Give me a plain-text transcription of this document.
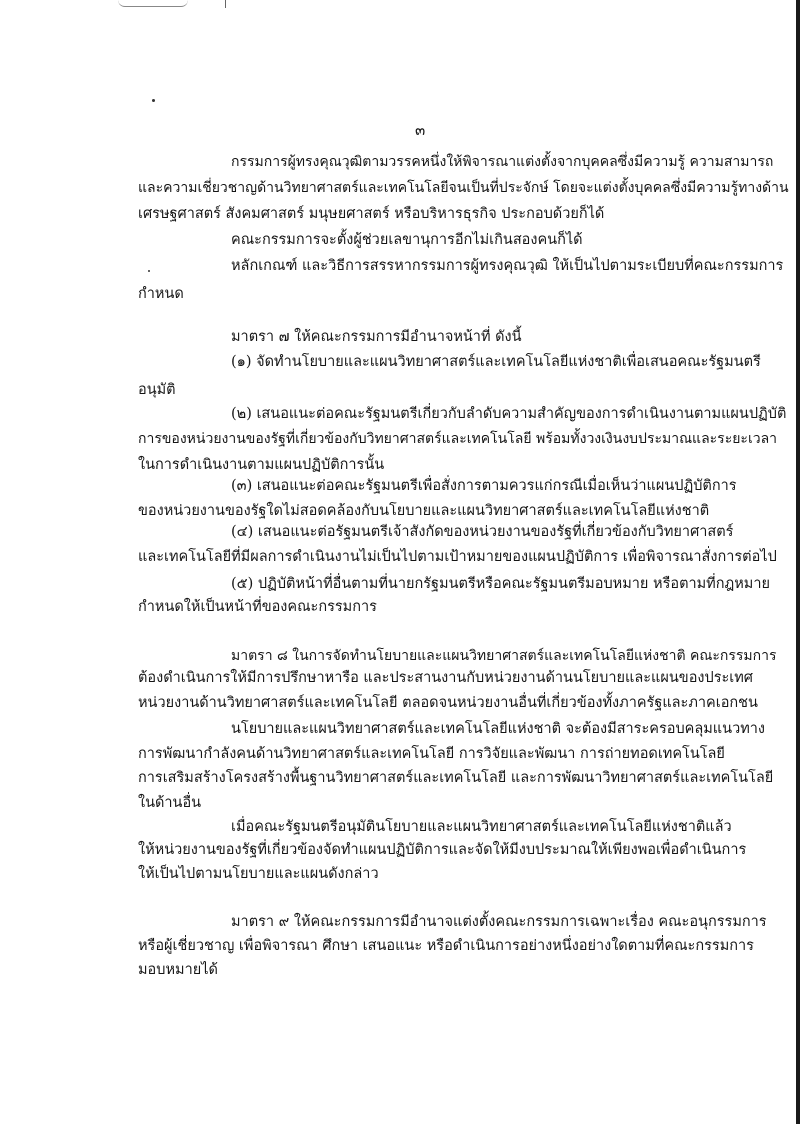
๓
กรรมการผู้ทรงคุณวุฒิตามวรรคหนึ่งให้พิจารณาแต่งตั้งจากบุคคลซึ่งมีความรู้ ความสามารถ
และความเชี่ยวชาญด้านวิทยาศาสตร์และเทคโนโลยีจนเป็นที่ประจักษ์ โดยจะแต่งตั้งบุคคลซึ่งมีความรู้ทางด้าน
เศรษฐศาสตร์ สังคมศาสตร์ มนุษยศาสตร์ หรือบริหารธุรกิจ ประกอบด้วยก็ได้
คณะกรรมการจะตั้งผู้ช่วยเลขานุการอีกไม่เกินสองคนก็ได้
หลักเกณฑ์ และวิธีการสรรหากรรมการผู้ทรงคุณวุฒิ ให้เป็นไปตามระเบียบที่คณะกรรมการ
กำหนด
มาตรา ๗ ให้คณะกรรมการมีอำนาจหน้าที่ ดังนี้
(๑) จัดทำนโยบายและแผนวิทยาศาสตร์และเทคโนโลยีแห่งชาติเพื่อเสนอคณะรัฐมนตรี
อนุมัติ
(๒) เสนอแนะต่อคณะรัฐมนตรีเกี่ยวกับลำดับความสำคัญของการดำเนินงานตามแผนปฏิบัติ
การของหน่วยงานของรัฐที่เกี่ยวข้องกับวิทยาศาสตร์และเทคโนโลยี พร้อมทั้งวงเงินงบประมาณและระยะเวลา
ในการดำเนินงานตามแผนปฏิบัติการนั้น
(๓) เสนอแนะต่อคณะรัฐมนตรีเพื่อสั่งการตามควรแก่กรณีเมื่อเห็นว่าแผนปฏิบัติการ
ของหน่วยงานของรัฐใดไม่สอดคล้องกับนโยบายและแผนวิทยาศาสตร์และเทคโนโลยีแห่งชาติ
(๔) เสนอแนะต่อรัฐมนตรีเจ้าสังกัดของหน่วยงานของรัฐที่เกี่ยวข้องกับวิทยาศาสตร์
และเทคโนโลยีที่มีผลการดำเนินงานไม่เป็นไปตามเป้าหมายของแผนปฏิบัติการ เพื่อพิจารณาสั่งการต่อไป
(๕) ปฏิบัติหน้าที่อื่นตามที่นายกรัฐมนตรีหรือคณะรัฐมนตรีมอบหมาย หรือตามที่กฎหมาย
กำหนดให้เป็นหน้าที่ของคณะกรรมการ
มาตรา ๘ ในการจัดทำนโยบายและแผนวิทยาศาสตร์และเทคโนโลยีแห่งชาติ คณะกรรมการ
ต้องดำเนินการให้มีการปรึกษาหารือ และประสานงานกับหน่วยงานด้านนโยบายและแผนของประเทศ
หน่วยงานด้านวิทยาศาสตร์และเทคโนโลยี ตลอดจนหน่วยงานอื่นที่เกี่ยวข้องทั้งภาครัฐและภาคเอกชน
นโยบายและแผนวิทยาศาสตร์และเทคโนโลยีแห่งชาติ จะต้องมีสาระครอบคลุมแนวทาง
การพัฒนากำลังคนด้านวิทยาศาสตร์และเทคโนโลยี การวิจัยและพัฒนา การถ่ายทอดเทคโนโลยี
การเสริมสร้างโครงสร้างพื้นฐานวิทยาศาสตร์และเทคโนโลยี และการพัฒนาวิทยาศาสตร์และเทคโนโลยี
ในด้านอื่น
เมื่อคณะรัฐมนตรีอนุมัตินโยบายและแผนวิทยาศาสตร์และเทคโนโลยีแห่งชาติแล้ว
ให้หน่วยงานของรัฐที่เกี่ยวข้องจัดทำแผนปฏิบัติการและจัดให้มีงบประมาณให้เพียงพอเพื่อดำเนินการ
ให้เป็นไปตามนโยบายและแผนดังกล่าว
มาตรา ๙ ให้คณะกรรมการมีอำนาจแต่งตั้งคณะกรรมการเฉพาะเรื่อง คณะอนุกรรมการ
หรือผู้เชี่ยวชาญ เพื่อพิจารณา ศึกษา เสนอแนะ หรือดำเนินการอย่างหนึ่งอย่างใดตามที่คณะกรรมการ
มอบหมายได้
